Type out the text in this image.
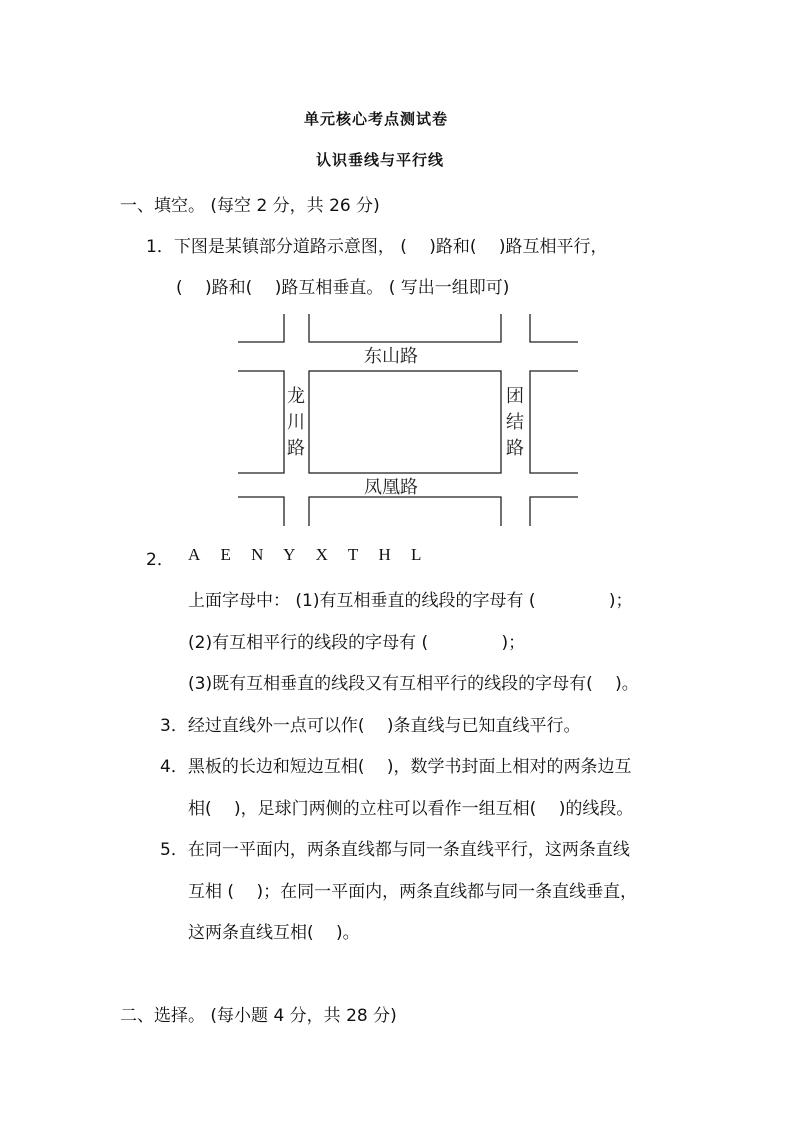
单元核心考点测试卷
认识垂线与平行线
一、填空。 (每空 2 分，共 26 分)
1．下图是某镇部分道路示意图， (　 )路和(　 )路互相平行，
(　 )路和(　 )路互相垂直。 ( 写出一组即可)
东山路
凤凰路
龙
川
路
团
结
路
2． A E N Y X T H L
上面字母中： (1)有互相垂直的线段的字母有 (　　　　 )；
(2)有互相平行的线段的字母有 (　　　　 )；
(3)既有互相垂直的线段又有互相平行的线段的字母有(　 )。
3．经过直线外一点可以作(　 )条直线与已知直线平行。
4．黑板的长边和短边互相(　 )，数学书封面上相对的两条边互
相(　 )，足球门两侧的立柱可以看作一组互相(　 )的线段。
5．在同一平面内，两条直线都与同一条直线平行，这两条直线
互相 (　 )；在同一平面内，两条直线都与同一条直线垂直，
这两条直线互相(　 )。
二、选择。 (每小题 4 分，共 28 分)
